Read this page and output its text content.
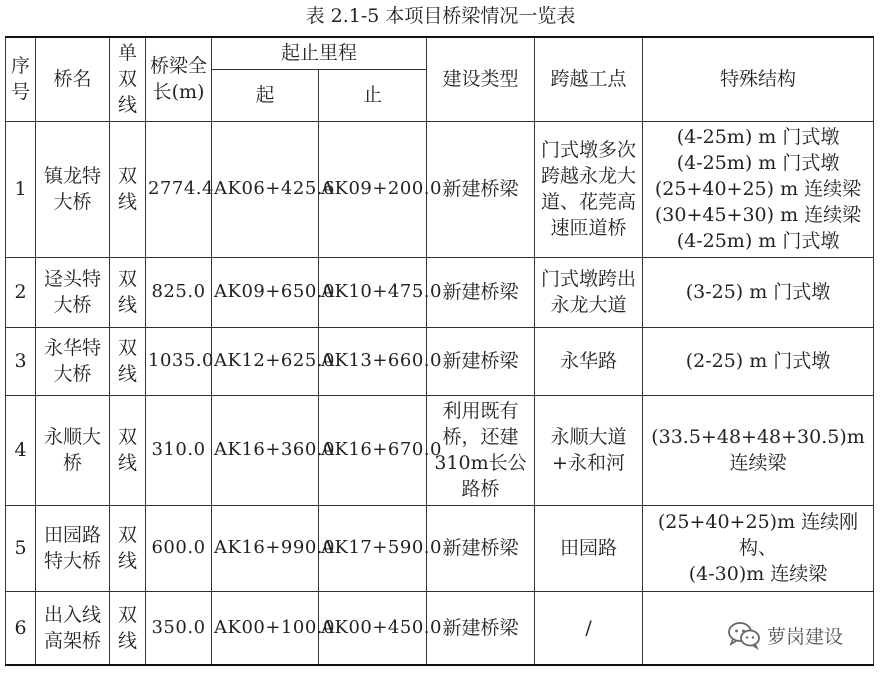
表 2.1-5 本项目桥梁情况一览表
序号	桥名	单双线	桥梁全长(m)	起止里程		建设类型	跨越工点	特殊结构
				起	止			
1	镇龙特大桥	双线	2774.4	AK06+425.6	AK09+200.0	新建桥梁	门式墩多次跨越永龙大道、花莞高速匝道桥	(4-25m) m 门式墩
(4-25m) m 门式墩
(25+40+25) m 连续梁
(30+45+30) m 连续梁
(4-25m) m 门式墩

2	迳头特大桥	双线	825.0	AK09+650.0	AK10+475.0	新建桥梁	门式墩跨出永龙大道	(3-25) m 门式墩

3	永华特大桥	双线	1035.0	AK12+625.0	AK13+660.0	新建桥梁	永华路	(2-25) m 门式墩

4	永顺大桥	双线	310.0	AK16+360.0	AK16+670.0	利用既有桥，还建310m长公路桥	永顺大道+永和河	(33.5+48+48+30.5)m
连续梁

5	田园路特大桥	双线	600.0	AK16+990.0	AK17+590.0	新建桥梁	田园路	(25+40+25)m 连续刚
构、
(4-30)m 连续梁

6	出入线高架桥	双线	350.0	AK00+100.0	AK00+450.0	新建桥梁	/		萝岗建设
